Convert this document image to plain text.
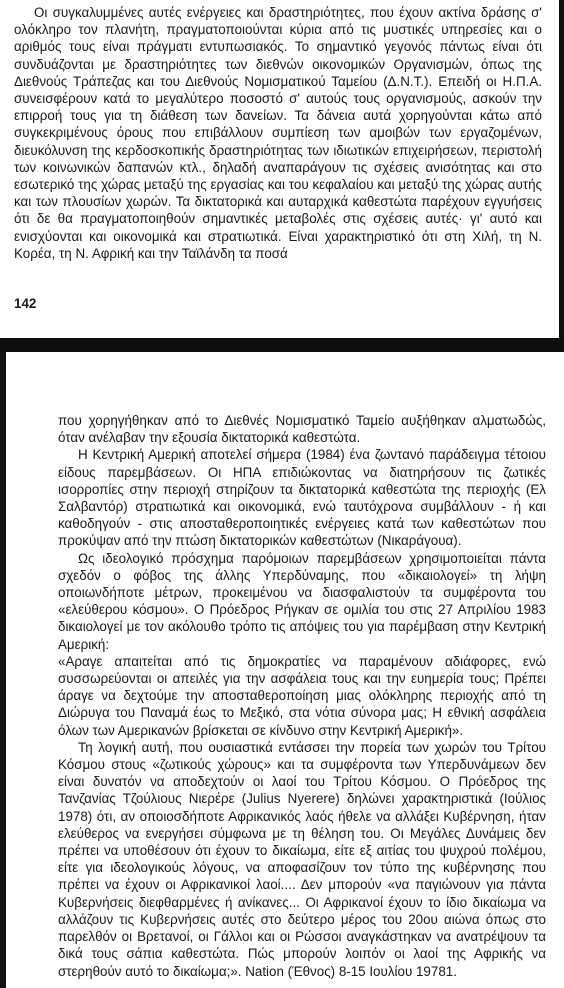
Οι συγκαλυμμένες αυτές ενέργειες και δραστηριότητες, που έχουν ακτίνα δράσης σ' ολόκληρο τον πλανήτη, πραγματοποιούνται κύρια από τις μυστικές υπηρεσίες και ο αριθμός τους είναι πράγματι εντυπωσιακός. Το σημαντικό γεγονός πάντως είναι ότι συνδυάζονται με δραστηριότητες των διεθνών οικονομικών Οργανισμών, όπως της Διεθνούς Τράπεζας και του Διεθνούς Νομισματικού Ταμείου (Δ.Ν.Τ.). Επειδή οι Η.Π.Α. συνεισφέρουν κατά το μεγαλύτερο ποσοστό σ' αυτούς τους οργανισμούς, ασκούν την επιρροή τους για τη διάθεση των δανείων. Τα δάνεια αυτά χορηγούνται κάτω από συγκεκριμένους όρους που επιβάλλουν συμπίεση των αμοιβών των εργαζομένων, διευκόλυνση της κερδοσκοπικής δραστηριότητας των ιδιωτικών επιχειρήσεων, περιστολή των κοινωνικών δαπανών κτλ., δηλαδή αναπαράγουν τις σχέσεις ανισότητας και στο εσωτερικό της χώρας μεταξύ της εργασίας και του κεφαλαίου και μεταξύ της χώρας αυτής και των πλουσίων χωρών. Τα δικτατορικά και αυταρχικά καθεστώτα παρέχουν εγγυήσεις ότι δε θα πραγματοποιηθούν σημαντικές μεταβολές στις σχέσεις αυτές· γι' αυτό και ενισχύονται και οικονομικά και στρατιωτικά. Είναι χαρακτηριστικό ότι στη Χιλή, τη Ν. Κορέα, τη Ν. Αφρική και την Ταϊλάνδη τα ποσά

142

που χορηγήθηκαν από το Διεθνές Νομισματικό Ταμείο αυξήθηκαν αλματωδώς, όταν ανέλαβαν την εξουσία δικτατορικά καθεστώτα.

Η Κεντρική Αμερική αποτελεί σήμερα (1984) ένα ζωντανό παράδειγμα τέτοιου είδους παρεμβάσεων. Οι ΗΠΑ επιδιώκοντας να διατηρήσουν τις ζωτικές ισορροπίες στην περιοχή στηρίζουν τα δικτατορικά καθεστώτα της περιοχής (Ελ Σαλβαντόρ) στρατιωτικά και οικονομικά, ενώ ταυτόχρονα συμβάλλουν - ή και καθοδηγούν - στις αποσταθεροποιητικές ενέργειες κατά των καθεστώτων που προκύψαν από την πτώση δικτατορικών καθεστώτων (Νικαράγουα).

Ως ιδεολογικό πρόσχημα παρόμοιων παρεμβάσεων χρησιμοποιείται πάντα σχεδόν ο φόβος της άλλης Υπερδύναμης, που «δικαιολογεί» τη λήψη οποιωνδήποτε μέτρων, προκειμένου να διασφαλιστούν τα συμφέροντα του «ελεύθερου κόσμου». Ο Πρόεδρος Ρήγκαν σε ομιλία του στις 27 Απριλίου 1983 δικαιολογεί με τον ακόλουθο τρόπο τις απόψεις του για παρέμβαση στην Κεντρική Αμερική:

«Αραγε απαιτείται από τις δημοκρατίες να παραμένουν αδιάφορες, ενώ συσσωρεύονται οι απειλές για την ασφάλεια τους και την ευημερία τους; Πρέπει άραγε να δεχτούμε την αποσταθεροποίηση μιας ολόκληρης περιοχής από τη Διώρυγα του Παναμά έως το Μεξικό, στα νότια σύνορα μας; Η εθνική ασφάλεια όλων των Αμερικανών βρίσκεται σε κίνδυνο στην Κεντρική Αμερική».

Τη λογική αυτή, που ουσιαστικά εντάσσει την πορεία των χωρών του Τρίτου Κόσμου στους «ζωτικούς χώρους» και τα συμφέροντα των Υπερδυνάμεων δεν είναι δυνατόν να αποδεχτούν οι λαοί του Τρίτου Κόσμου. Ο Πρόεδρος της Τανζανίας Τζούλιους Νιερέρε (Julius Nyerere) δηλώνει χαρακτηριστικά (Ιούλιος 1978) ότι, αν οποιοσδήποτε Αφρικανικός λαός ήθελε να αλλάξει Κυβέρνηση, ήταν ελεύθερος να ενεργήσει σύμφωνα με τη θέληση του. Οι Μεγάλες Δυνάμεις δεν πρέπει να υποθέσουν ότι έχουν το δικαίωμα, είτε εξ αιτίας του ψυχρού πολέμου, είτε για ιδεολογικούς λόγους, να αποφασίζουν τον τύπο της κυβέρνησης που πρέπει να έχουν οι Αφρικανικοί λαοί.... Δεν μπορούν «να παγιώνουν για πάντα Κυβερνήσεις διεφθαρμένες ή ανίκανες... Οι Αφρικανοί έχουν το ίδιο δικαίωμα να αλλάζουν τις Κυβερνήσεις αυτές στο δεύτερο μέρος του 20ου αιώνα όπως στο παρελθόν οι Βρετανοί, οι Γάλλοι και οι Ρώσσοι αναγκάστηκαν να ανατρέψουν τα δικά τους σάπια καθεστώτα. Πώς μπορούν λοιπόν οι λαοί της Αφρικής να στερηθούν αυτό το δικαίωμα;». Nation (Έθνος) 8-15 Ιουλίου 19781.
